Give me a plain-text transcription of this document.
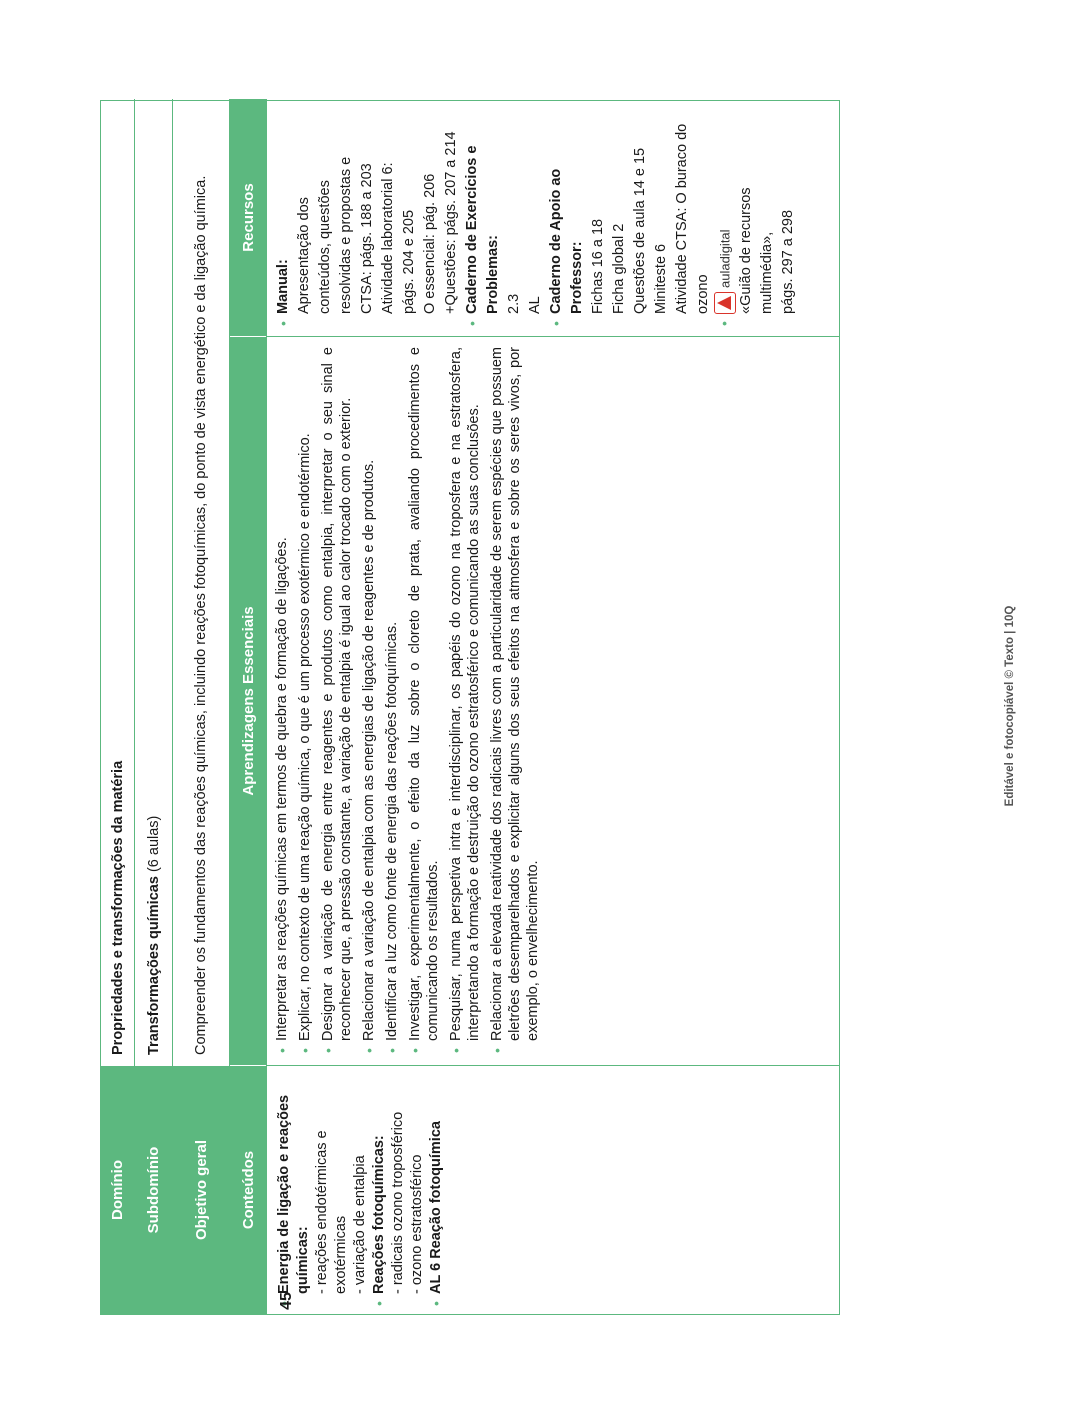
Domínio
Propriedades e transformações da matéria
Subdomínio
Transformações químicas

(6 aulas)
Objetivo geral
Compreender os fundamentos das reações químicas, incluindo reações fotoquímicas, do ponto de vista energético e da ligação química.
Conteúdos
Aprendizagens Essenciais
Recursos
• Energia de ligação e reações químicas: - reações endotérmicas e exotérmicas - variação de entalpia • Reações fotoquímicas: - radicais ozono troposférico - ozono estratosférico • AL 6 Reação fotoquímica
• Interpretar as reações químicas em termos de quebra e formação de ligações. • Explicar, no contexto de uma reação química, o que é um processo exotérmico e endotérmico. • Designar a variação de energia entre reagentes e produtos como entalpia, interpretar o seu sinal e reconhecer que, a pressão constante, a variação de entalpia é igual ao calor trocado com o exterior. • Relacionar a variação de entalpia com as energias de ligação de reagentes e de produtos. • Identificar a luz como fonte de energia das reações fotoquímicas. • Investigar, experimentalmente, o efeito da luz sobre o cloreto de prata, avaliando procedimentos e comunicando os resultados. • Pesquisar, numa perspetiva intra e interdisciplinar, os papéis do ozono na troposfera e na estratosfera, interpretando a formação e destruição do ozono estratosférico e comunicando as suas conclusões. • Relacionar a elevada reatividade dos radicais livres com a particularidade de serem espécies que possuem eletrões desemparelhados e explicitar alguns dos seus efeitos na atmosfera e sobre os seres vivos, por exemplo, o envelhecimento.
• Manual: Apresentação dos conteúdos, questões resolvidas e propostas e CTSA: págs. 188 a 203 Atividade laboratorial 6: págs. 204 e 205 O essencial: pág. 206 +Questões: págs. 207 a 214 • Caderno de Exercícios e Problemas: 2.3 AL • Caderno de Apoio ao Professor: Fichas 16 a 18 Ficha global 2 Questões de aula 14 e 15 Miniteste 6 Atividade CTSA: O buraco do ozono
• auladigital «Guião de recursos multimédia», págs. 297 a 298
45
Editável e fotocopiável © Texto | 10Q
